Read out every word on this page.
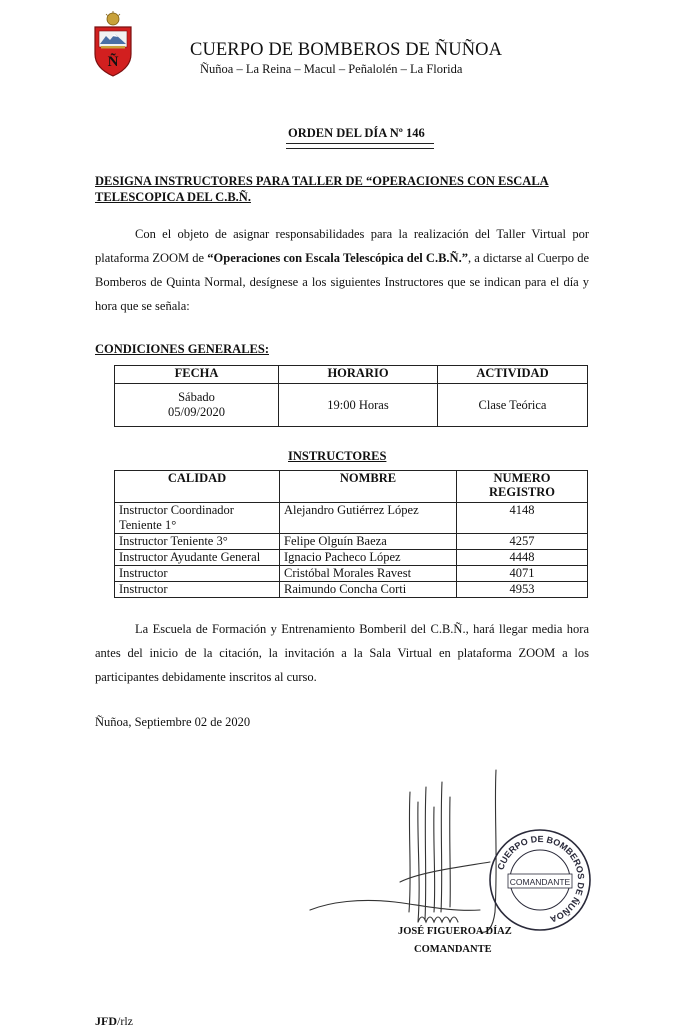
Ñ
CUERPO DE BOMBEROS DE ÑUÑOA
Ñuñoa – La Reina – Macul – Peñalolén – La Florida
ORDEN DEL DÍA Nº 146
DESIGNA INSTRUCTORES PARA TALLER DE “OPERACIONES CON ESCALA TELESCOPICA DEL C.B.Ñ.

Con el objeto de asignar responsabilidades para la realización del Taller Virtual por plataforma ZOOM de “Operaciones con Escala Telescópica del C.B.Ñ.”, a dictarse al Cuerpo de Bomberos de Quinta Normal, desígnese a los siguientes Instructores que se indican para el día y hora que se señala:

CONDICIONES GENERALES:
FECHA	HORARIO	ACTIVIDAD
Sábado
05/09/2020	19:00 Horas	Clase Teórica
INSTRUCTORES
CALIDAD	NOMBRE	NUMERO
REGISTRO
Instructor Coordinador
Teniente 1°	Alejandro Gutiérrez López	4148
Instructor Teniente 3°	Felipe Olguín Baeza	4257
Instructor Ayudante General	Ignacio Pacheco López	4448
Instructor	Cristóbal Morales Ravest	4071
Instructor	Raimundo Concha Corti	4953

La Escuela de Formación y Entrenamiento Bomberil del C.B.Ñ., hará llegar media hora antes del inicio de la citación, la invitación a la Sala Virtual en plataforma ZOOM a los participantes debidamente inscritos al curso.

Ñuñoa, Septiembre 02 de 2020
CUERPO DE BOMBEROS DE ÑUÑOA
COMANDANTE
JOSÉ FIGUEROA DÍAZ
COMANDANTE
JFD/rlz
